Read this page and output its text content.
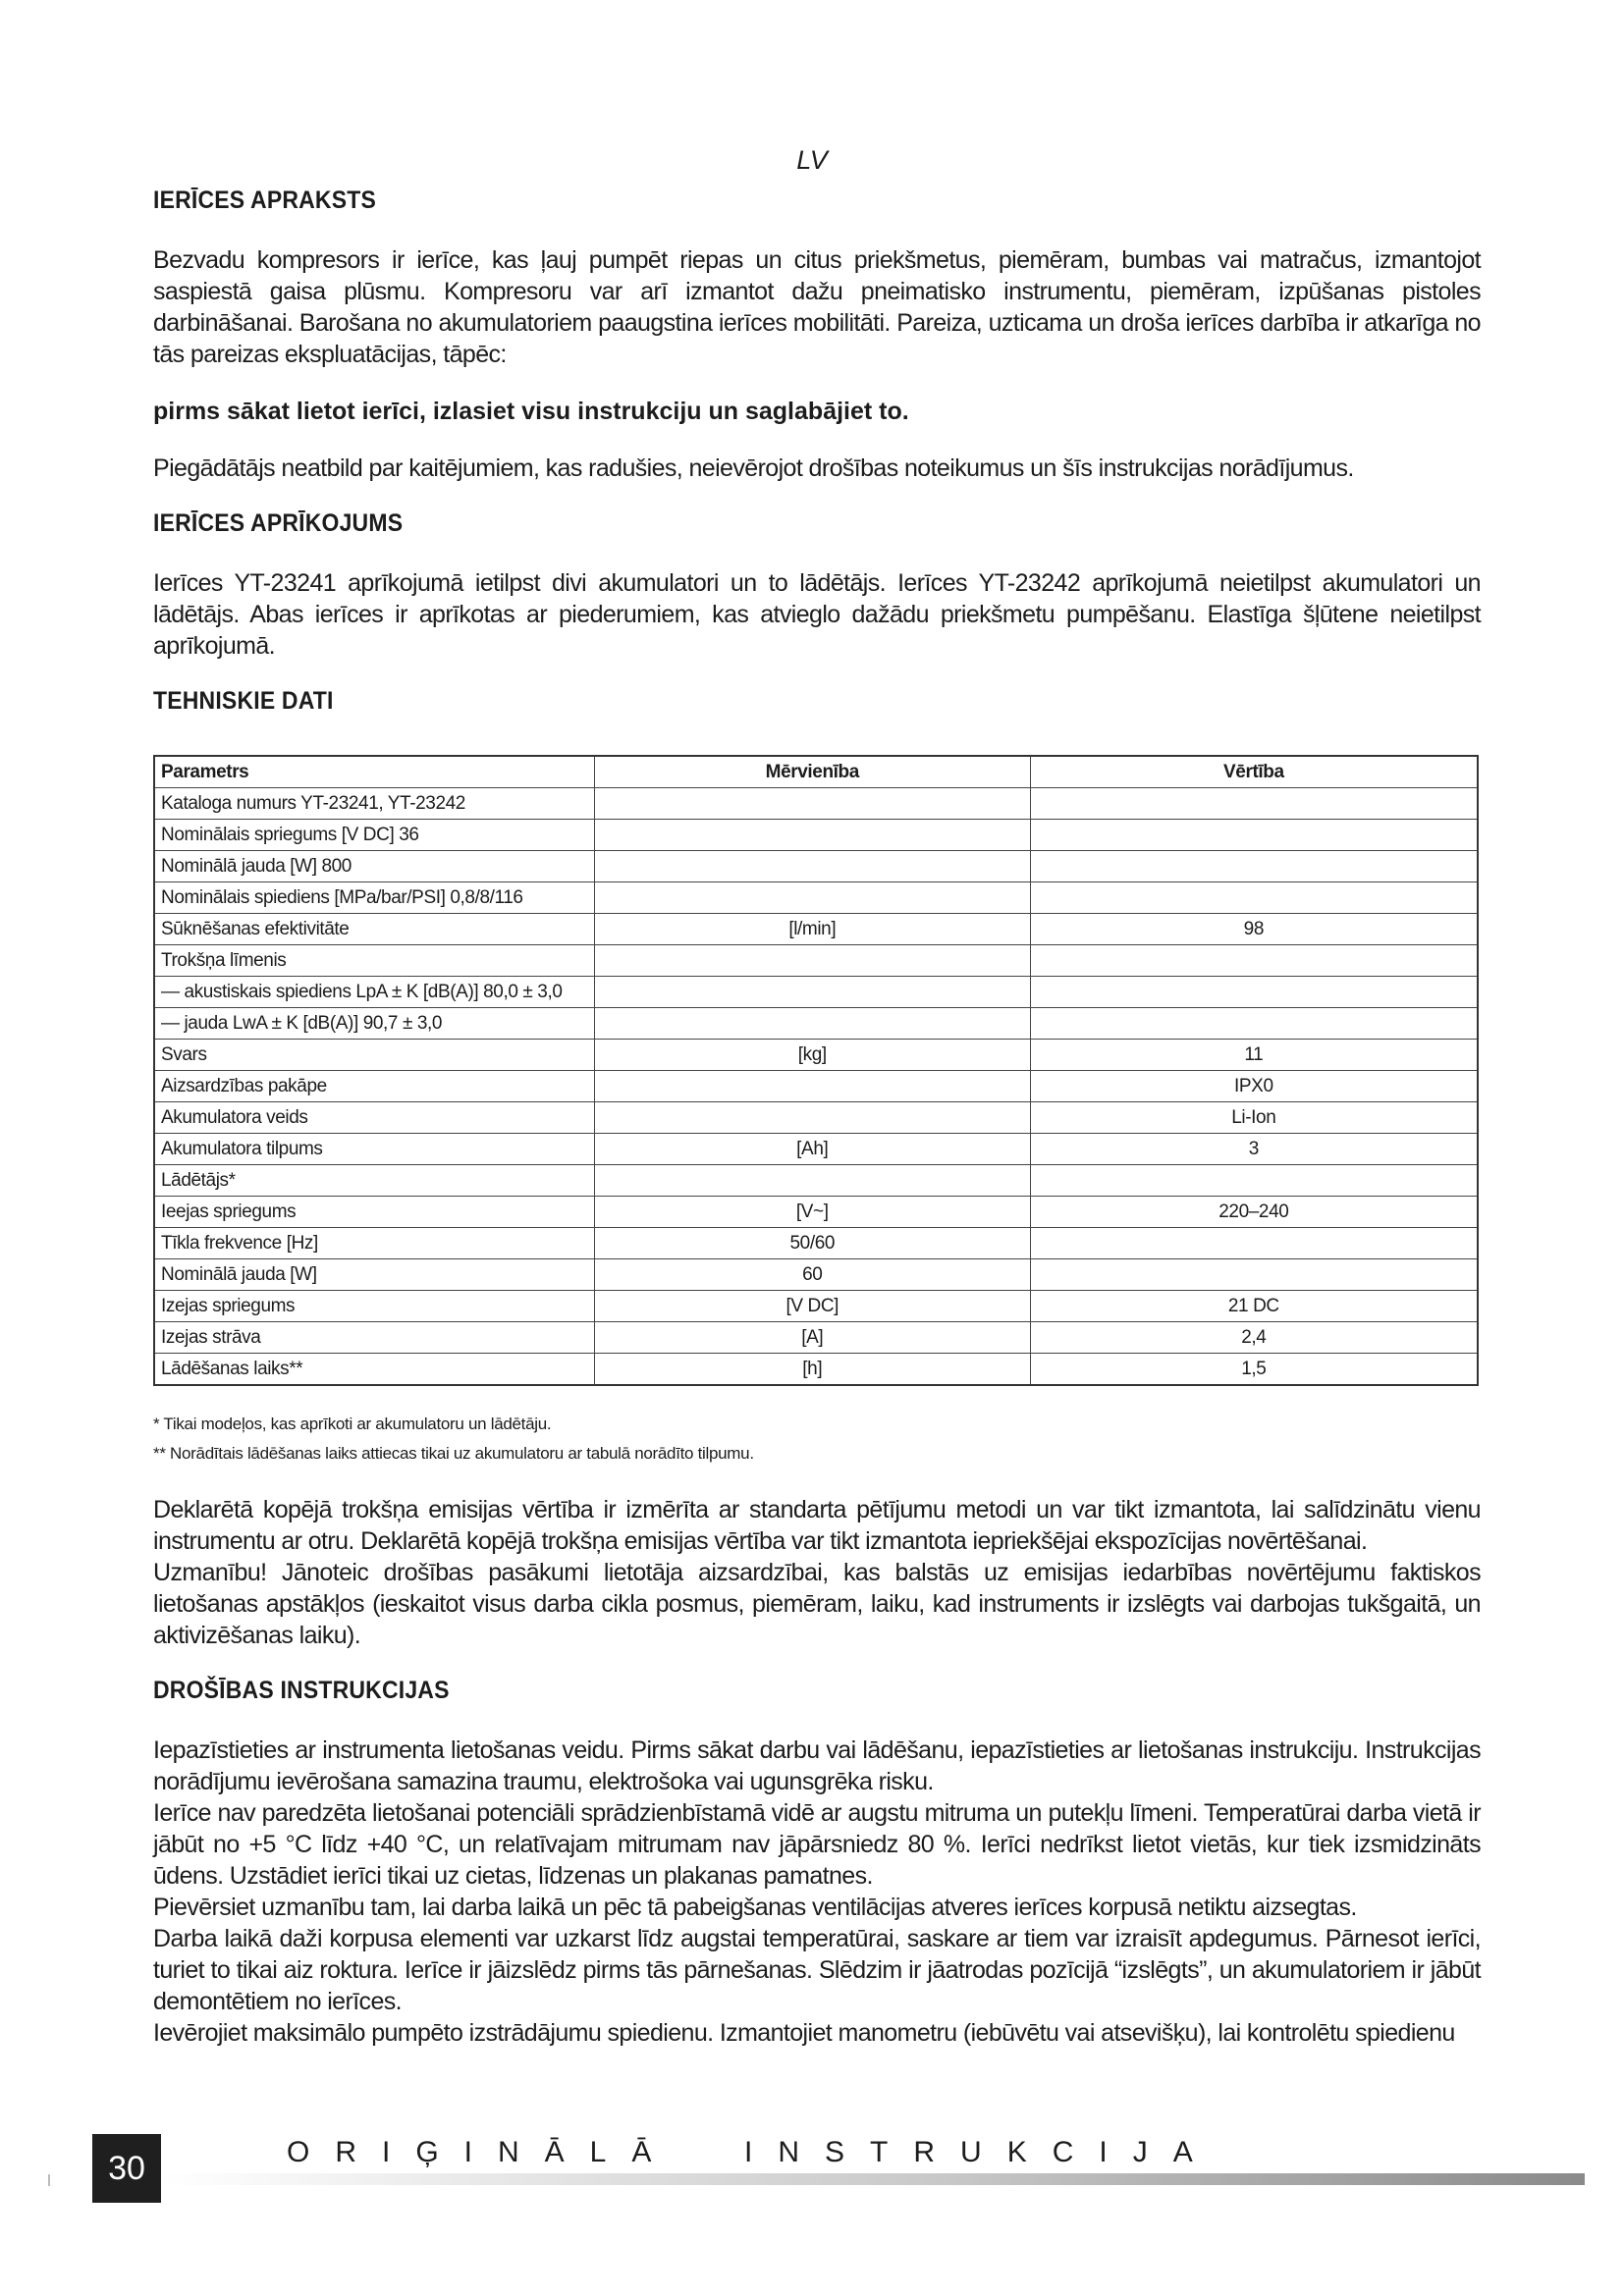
LV
IERĪCES APRAKSTS

Bezvadu kompresors ir ierīce, kas ļauj pumpēt riepas un citus priekšmetus, piemēram, bumbas vai matračus, izmantojot saspiestā gaisa plūsmu. Kompresoru var arī izmantot dažu pneimatisko instrumentu, piemēram, izpūšanas pistoles darbināšanai. Barošana no akumulatoriem paaugstina ierīces mobilitāti. Pareiza, uzticama un droša ierīces darbība ir atkarīga no tās pareizas ekspluatācijas, tāpēc:

pirms sākat lietot ierīci, izlasiet visu instrukciju un saglabājiet to.

Piegādātājs neatbild par kaitējumiem, kas radušies, neievērojot drošības noteikumus un šīs instrukcijas norādījumus.

IERĪCES APRĪKOJUMS

Ierīces YT-23241 aprīkojumā ietilpst divi akumulatori un to lādētājs. Ierīces YT-23242 aprīkojumā neietilpst akumulatori un lādētājs. Abas ierīces ir aprīkotas ar piederumiem, kas atvieglo dažādu priekšmetu pumpēšanu. Elastīga šļūtene neietilpst aprīkojumā.

TEHNISKIE DATI
Parametrs	Mērvienība	Vērtība
Kataloga numurs YT-23241, YT-23242		
Nominālais spriegums [V DC] 36		
Nominālā jauda [W] 800		
Nominālais spiediens [MPa/bar/PSI] 0,8/8/116		
Sūknēšanas efektivitāte	[l/min]	98
Trokšņa līmenis		
— akustiskais spiediens LpA ± K [dB(A)] 80,0 ± 3,0		
— jauda LwA ± K [dB(A)] 90,7 ± 3,0		
Svars	[kg]	11
Aizsardzības pakāpe		IPX0
Akumulatora veids		Li-Ion
Akumulatora tilpums	[Ah]	3
Lādētājs*		
Ieejas spriegums	[V~]	220–240
Tīkla frekvence [Hz]	50/60	
Nominālā jauda [W]	60	
Izejas spriegums	[V DC]	21 DC
Izejas strāva	[A]	2,4
Lādēšanas laiks**	[h]	1,5

* Tikai modeļos, kas aprīkoti ar akumulatoru un lādētāju.

** Norādītais lādēšanas laiks attiecas tikai uz akumulatoru ar tabulā norādīto tilpumu.

Deklarētā kopējā trokšņa emisijas vērtība ir izmērīta ar standarta pētījumu metodi un var tikt izmantota, lai salīdzinātu vienu instrumentu ar otru. Deklarētā kopējā trokšņa emisijas vērtība var tikt izmantota iepriekšējai ekspozīcijas novērtēšanai.

Uzmanību! Jānoteic drošības pasākumi lietotāja aizsardzībai, kas balstās uz emisijas iedarbības novērtējumu faktiskos lietošanas apstākļos (ieskaitot visus darba cikla posmus, piemēram, laiku, kad instruments ir izslēgts vai darbojas tukšgaitā, un aktivizēšanas laiku).

DROŠĪBAS INSTRUKCIJAS

Iepazīstieties ar instrumenta lietošanas veidu. Pirms sākat darbu vai lādēšanu, iepazīstieties ar lietošanas instrukciju. Instrukcijas norādījumu ievērošana samazina traumu, elektrošoka vai ugunsgrēka risku.

Ierīce nav paredzēta lietošanai potenciāli sprādzienbīstamā vidē ar augstu mitruma un putekļu līmeni. Temperatūrai darba vietā ir jābūt no +5 °C līdz +40 °C, un relatīvajam mitrumam nav jāpārsniedz 80 %. Ierīci nedrīkst lietot vietās, kur tiek izsmidzināts ūdens. Uzstādiet ierīci tikai uz cietas, līdzenas un plakanas pamatnes.

Pievērsiet uzmanību tam, lai darba laikā un pēc tā pabeigšanas ventilācijas atveres ierīces korpusā netiktu aizsegtas.

Darba laikā daži korpusa elementi var uzkarst līdz augstai temperatūrai, saskare ar tiem var izraisīt apdegumus. Pārnesot ierīci, turiet to tikai aiz roktura. Ierīce ir jāizslēdz pirms tās pārnešanas. Slēdzim ir jāatrodas pozīcijā “izslēgts”, un akumulatoriem ir jābūt demontētiem no ierīces.

Ievērojiet maksimālo pumpēto izstrādājumu spiedienu. Izmantojiet manometru (iebūvētu vai atsevišķu), lai kontrolētu spiedienu

30	ORIĢINĀLĀ  INSTRUKCIJA
